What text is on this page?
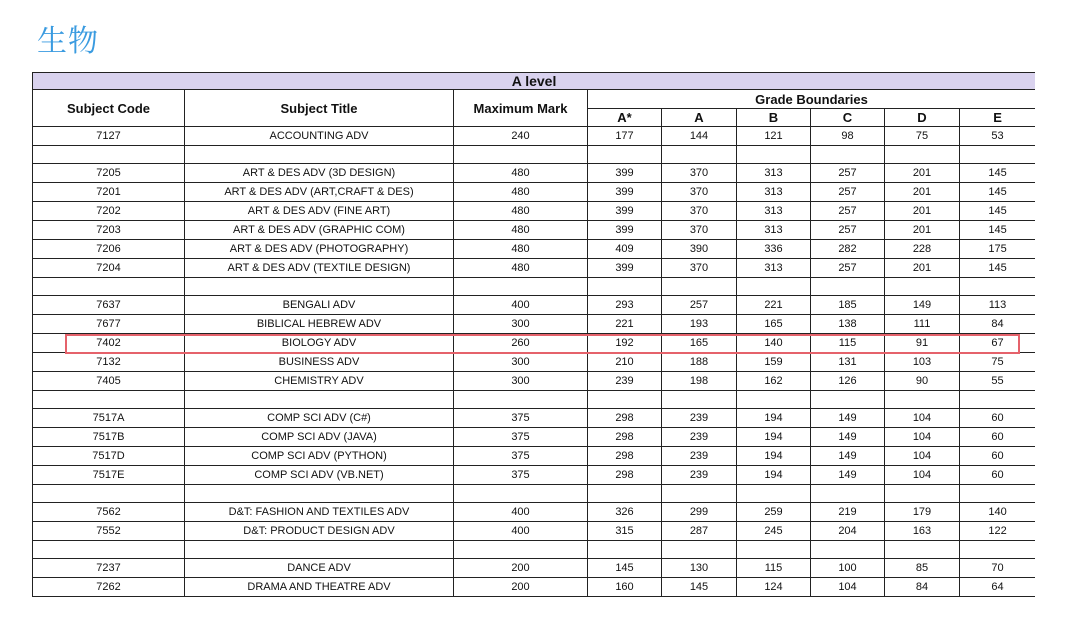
生物
A level								
Subject Code	Subject Title	Maximum Mark	Grade Boundaries					
			A*	A	B	C	D	E
7127	ACCOUNTING ADV	240	177	144	121	98	75	53

7205	ART & DES ADV (3D DESIGN)	480	399	370	313	257	201	145
7201	ART & DES ADV (ART,CRAFT & DES)	480	399	370	313	257	201	145
7202	ART & DES ADV (FINE ART)	480	399	370	313	257	201	145
7203	ART & DES ADV (GRAPHIC COM)	480	399	370	313	257	201	145
7206	ART & DES ADV (PHOTOGRAPHY)	480	409	390	336	282	228	175
7204	ART & DES ADV (TEXTILE DESIGN)	480	399	370	313	257	201	145

7637	BENGALI ADV	400	293	257	221	185	149	113
7677	BIBLICAL HEBREW ADV	300	221	193	165	138	111	84
7402	BIOLOGY ADV	260	192	165	140	115	91	67
7132	BUSINESS ADV	300	210	188	159	131	103	75
7405	CHEMISTRY ADV	300	239	198	162	126	90	55

7517A	COMP SCI ADV (C#)	375	298	239	194	149	104	60
7517B	COMP SCI ADV (JAVA)	375	298	239	194	149	104	60
7517D	COMP SCI ADV (PYTHON)	375	298	239	194	149	104	60
7517E	COMP SCI ADV (VB.NET)	375	298	239	194	149	104	60

7562	D&T: FASHION AND TEXTILES ADV	400	326	299	259	219	179	140
7552	D&T: PRODUCT DESIGN ADV	400	315	287	245	204	163	122

7237	DANCE ADV	200	145	130	115	100	85	70
7262	DRAMA AND THEATRE ADV	200	160	145	124	104	84	64
